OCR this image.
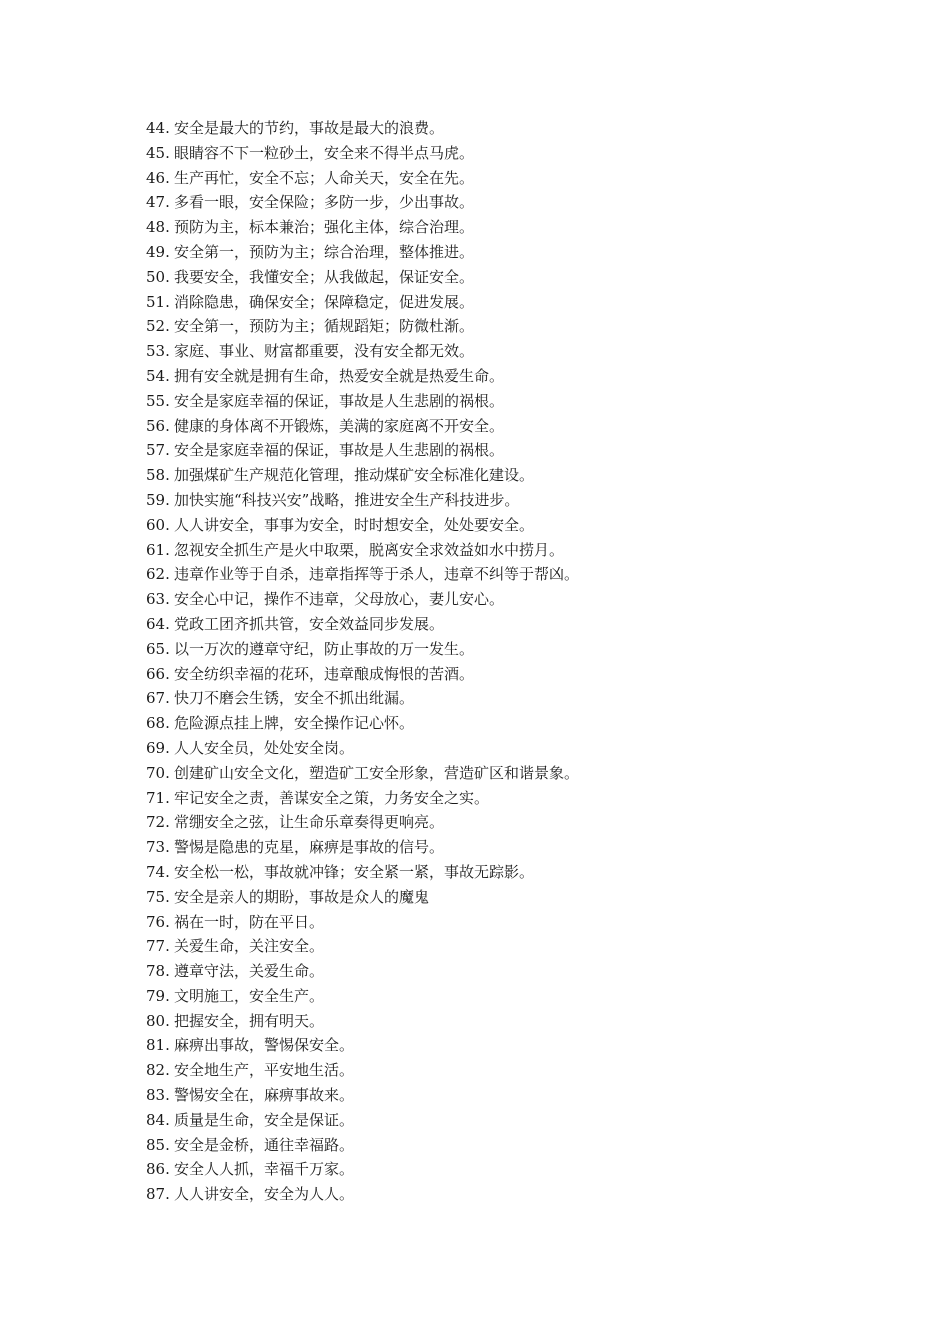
44. 安全是最大的节约，事故是最大的浪费。
45. 眼睛容不下一粒砂土，安全来不得半点马虎。
46. 生产再忙，安全不忘；人命关天，安全在先。
47. 多看一眼，安全保险；多防一步，少出事故。
48. 预防为主，标本兼治；强化主体，综合治理。
49. 安全第一，预防为主；综合治理，整体推进。
50. 我要安全，我懂安全；从我做起，保证安全。
51. 消除隐患，确保安全；保障稳定，促进发展。
52. 安全第一，预防为主；循规蹈矩；防微杜渐。
53. 家庭、事业、财富都重要，没有安全都无效。
54. 拥有安全就是拥有生命，热爱安全就是热爱生命。
55. 安全是家庭幸福的保证，事故是人生悲剧的祸根。
56. 健康的身体离不开锻炼，美满的家庭离不开安全。
57. 安全是家庭幸福的保证，事故是人生悲剧的祸根。
58. 加强煤矿生产规范化管理，推动煤矿安全标准化建设。
59. 加快实施“科技兴安”战略，推进安全生产科技进步。
60. 人人讲安全，事事为安全，时时想安全，处处要安全。
61. 忽视安全抓生产是火中取栗，脱离安全求效益如水中捞月。
62. 违章作业等于自杀，违章指挥等于杀人，违章不纠等于帮凶。
63. 安全心中记，操作不违章，父母放心，妻儿安心。
64. 党政工团齐抓共管，安全效益同步发展。
65. 以一万次的遵章守纪，防止事故的万一发生。
66. 安全纺织幸福的花环，违章酿成悔恨的苦酒。
67. 快刀不磨会生锈，安全不抓出纰漏。
68. 危险源点挂上牌，安全操作记心怀。
69. 人人安全员，处处安全岗。
70. 创建矿山安全文化，塑造矿工安全形象，营造矿区和谐景象。
71. 牢记安全之责，善谋安全之策，力务安全之实。
72. 常绷安全之弦，让生命乐章奏得更响亮。
73. 警惕是隐患的克星，麻痹是事故的信号。
74. 安全松一松，事故就冲锋；安全紧一紧，事故无踪影。
75. 安全是亲人的期盼，事故是众人的魔鬼
76. 祸在一时，防在平日。
77. 关爱生命，关注安全。
78. 遵章守法，关爱生命。
79. 文明施工，安全生产。
80. 把握安全，拥有明天。
81. 麻痹出事故，警惕保安全。
82. 安全地生产，平安地生活。
83. 警惕安全在，麻痹事故来。
84. 质量是生命，安全是保证。
85. 安全是金桥，通往幸福路。
86. 安全人人抓，幸福千万家。
87. 人人讲安全，安全为人人。
